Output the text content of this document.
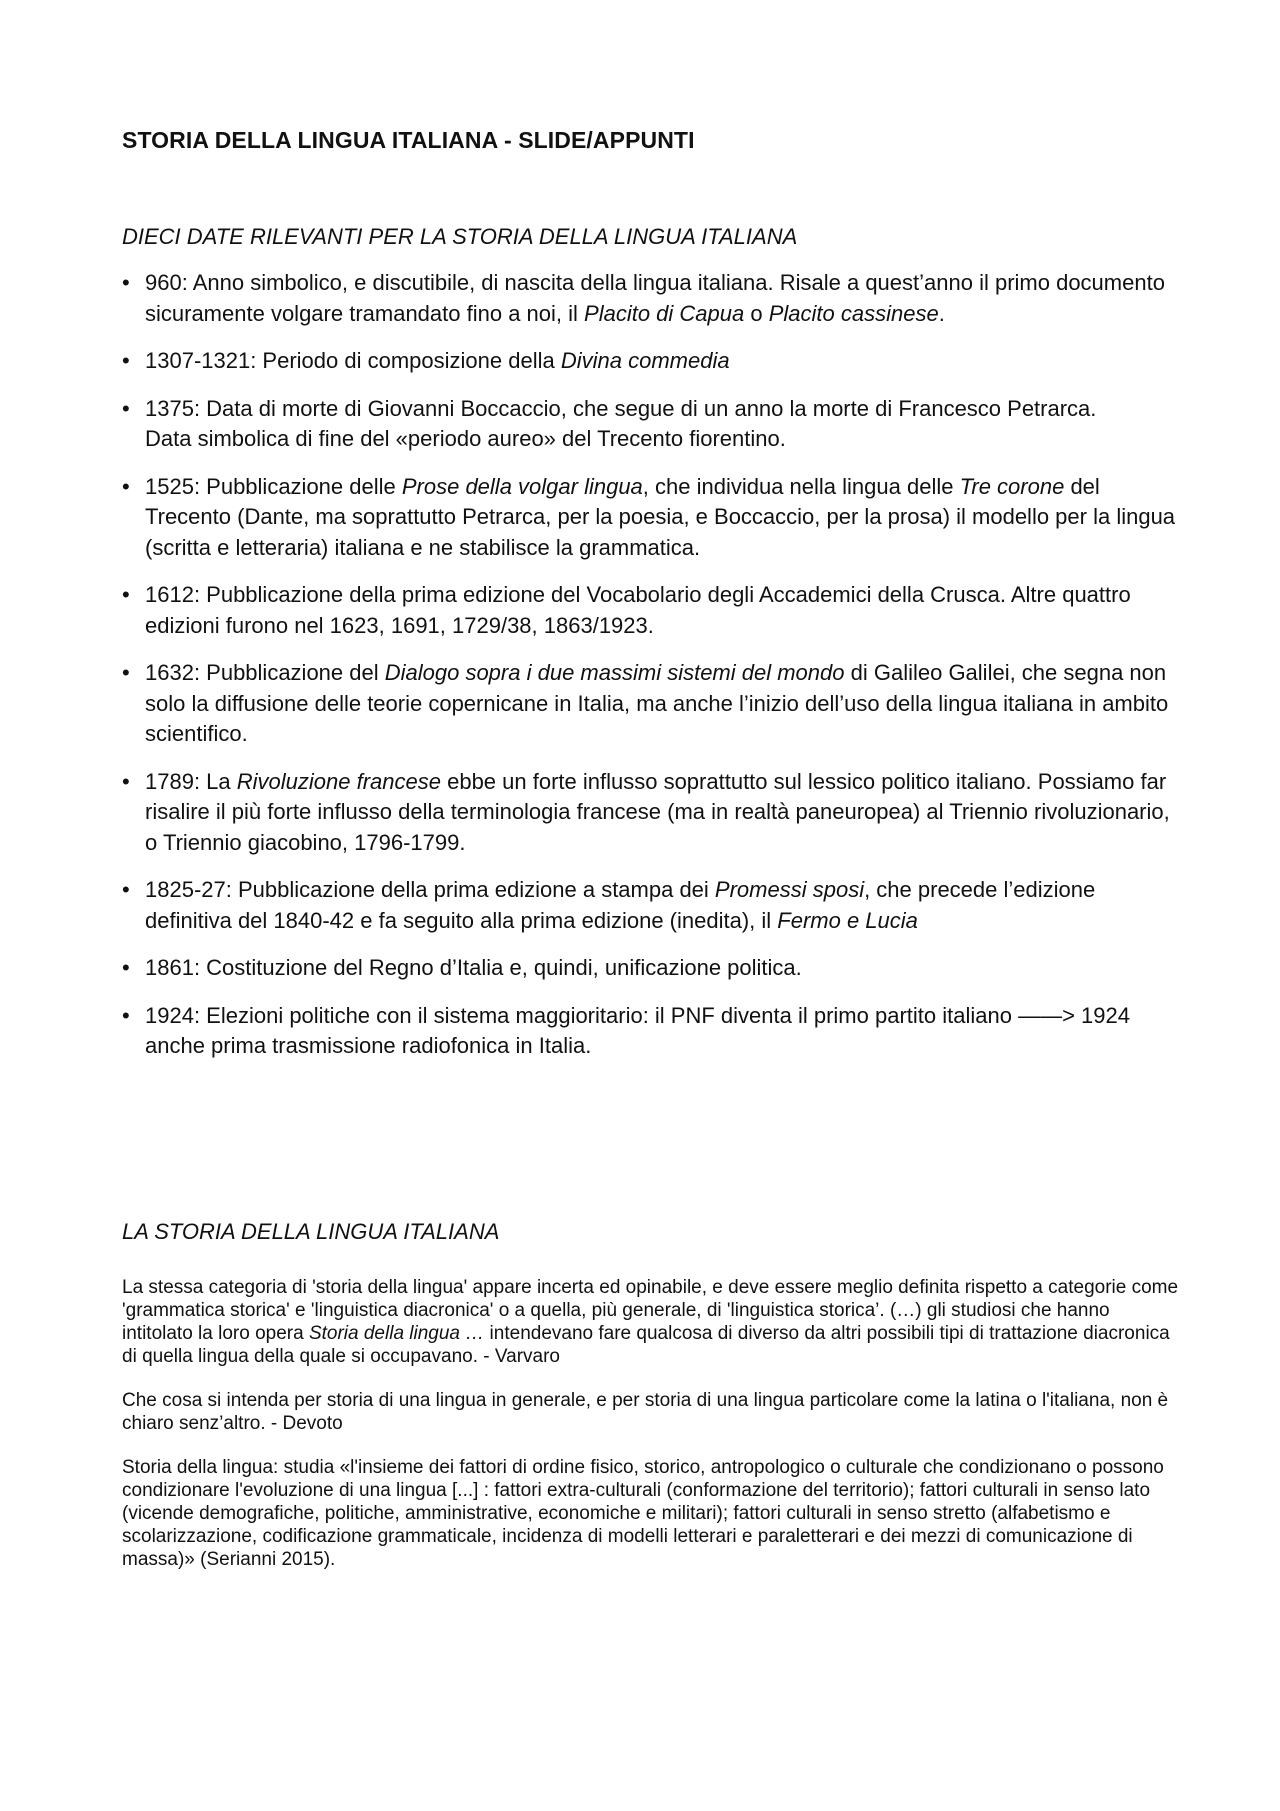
STORIA DELLA LINGUA ITALIANA - SLIDE/APPUNTI
DIECI DATE RILEVANTI PER LA STORIA DELLA LINGUA ITALIANA
• 960: Anno simbolico, e discutibile, di nascita della lingua italiana. Risale a quest’anno il primo documento sicuramente volgare tramandato fino a noi, il Placito di Capua o Placito cassinese.
• 1307-1321: Periodo di composizione della Divina commedia
• 1375: Data di morte di Giovanni Boccaccio, che segue di un anno la morte di Francesco Petrarca.
Data simbolica di fine del «periodo aureo» del Trecento fiorentino.
• 1525: Pubblicazione delle Prose della volgar lingua, che individua nella lingua delle Tre corone del Trecento (Dante, ma soprattutto Petrarca, per la poesia, e Boccaccio, per la prosa) il modello per la lingua (scritta e letteraria) italiana e ne stabilisce la grammatica.
• 1612: Pubblicazione della prima edizione del Vocabolario degli Accademici della Crusca. Altre quattro edizioni furono nel 1623, 1691, 1729/38, 1863/1923.
• 1632: Pubblicazione del Dialogo sopra i due massimi sistemi del mondo di Galileo Galilei, che segna non solo la diffusione delle teorie copernicane in Italia, ma anche l’inizio dell’uso della lingua italiana in ambito scientifico.
• 1789: La Rivoluzione francese ebbe un forte influsso soprattutto sul lessico politico italiano. Possiamo far risalire il più forte influsso della terminologia francese (ma in realtà paneuropea) al Triennio rivoluzionario, o Triennio giacobino, 1796-1799.
• 1825-27: Pubblicazione della prima edizione a stampa dei Promessi sposi, che precede l’edizione definitiva del 1840-42 e fa seguito alla prima edizione (inedita), il Fermo e Lucia
• 1861: Costituzione del Regno d’Italia e, quindi, unificazione politica.
• 1924: Elezioni politiche con il sistema maggioritario: il PNF diventa il primo partito italiano ——> 1924 anche prima trasmissione radiofonica in Italia.
LA STORIA DELLA LINGUA ITALIANA

La stessa categoria di 'storia della lingua' appare incerta ed opinabile, e deve essere meglio definita rispetto a categorie come 'grammatica storica' e 'linguistica diacronica' o a quella, più generale, di 'linguistica storica’. (…) gli studiosi che hanno intitolato la loro opera Storia della lingua … intendevano fare qualcosa di diverso da altri possibili tipi di trattazione diacronica di quella lingua della quale si occupavano. - Varvaro

Che cosa si intenda per storia di una lingua in generale, e per storia di una lingua particolare come la latina o l'italiana, non è chiaro senz’altro. - Devoto

Storia della lingua: studia «l'insieme dei fattori di ordine fisico, storico, antropologico o culturale che condizionano o possono condizionare l'evoluzione di una lingua [...] : fattori extra-culturali (conformazione del territorio); fattori culturali in senso lato (vicende demografiche, politiche, amministrative, economiche e militari); fattori culturali in senso stretto (alfabetismo e scolarizzazione, codificazione grammaticale, incidenza di modelli letterari e paraletterari e dei mezzi di comunicazione di massa)» (Serianni 2015).
